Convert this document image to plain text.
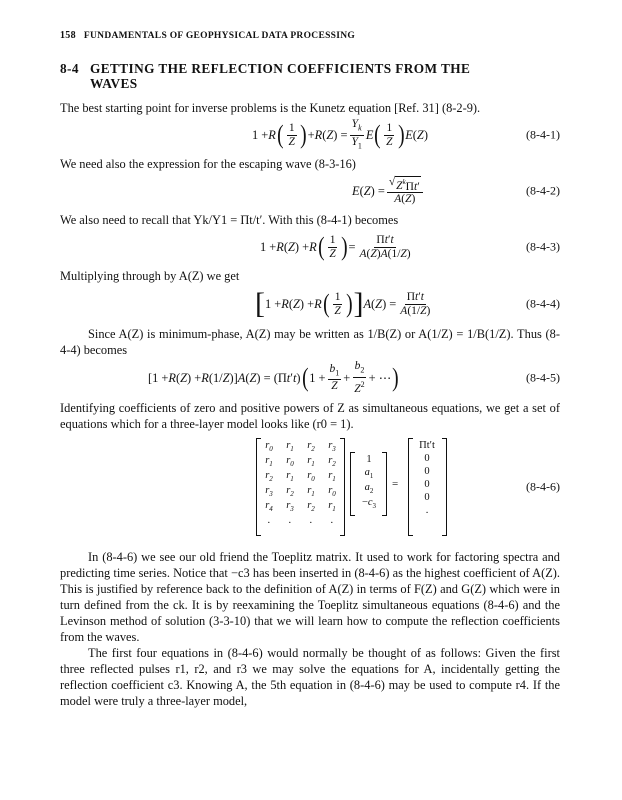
158 FUNDAMENTALS OF GEOPHYSICAL DATA PROCESSING
8-4 GETTING THE REFLECTION COEFFICIENTS FROM THE
WAVES

The best starting point for inverse problems is the Kunetz equation [Ref. 31] (8-2-9).

1 + R ( $\frac{1}{Z}$ ) + R ( Z ) = $\frac{Y_k}{Y_1}$ E ( $\frac{1}{Z}$ ) E ( Z )	(8-4-1)

We need also the expression for the escaping wave (8-3-16)

E ( Z ) = $\frac{√ Z^k\Pi t'}{A(Z)}$	(8-4-2)

We also need to recall that Yk/Y1 = Πt/t′. With this (8-4-1) becomes

1 + R ( Z ) + R ( $\frac{1}{Z}$ ) = $\frac{\Pi t't}{A(Z)A(1/Z)}$	(8-4-3)

Multiplying through by A(Z) we get

[ 1 + R ( Z ) + R ( $\frac{1}{Z}$ ) ] A ( Z ) = $\frac{\Pi t't}{A(1/Z)}$	(8-4-4)

Since A(Z) is minimum-phase, A(Z) may be written as 1/B(Z) or A(1/Z) = 1/B(1/Z). Thus (8-4-4) becomes

[1 + R ( Z ) + R (1/ Z )] A ( Z ) = (Π t ′ t ) ( $1 + \frac{b_1}{Z} + \frac{b_2}{Z^2}$ + ⋯ )	(8-4-5)

Identifying coefficients of zero and positive powers of Z as simultaneous equations, we get a set of equations which for a three-layer model looks like (r0 = 1).

$r_0$	$r_1$	$r_2$	$r_3$
$r_1$	$r_0$	$r_1$	$r_2$
$r_2$	$r_1$	$r_0$	$r_1$
$r_3$	$r_2$	$r_1$	$r_0$
$r_4$	$r_3$	$r_2$	$r_1$
.	.	.	.
1
$a_1$
$a_2$
$-c_3$
=
Πt′t
0
0
0
0
.
(8-4-6)

In (8-4-6) we see our old friend the Toeplitz matrix. It used to work for factoring spectra and predicting time series. Notice that −c3 has been inserted in (8-4-6) as the highest coefficient of A(Z). This is justified by reference back to the definition of A(Z) in terms of F(Z) and G(Z) which were in turn defined from the ck. It is by reexamining the Toeplitz simultaneous equations (8-4-6) and the Levinson method of solution (3-3-10) that we will learn how to compute the reflection coefficients from the waves.

The first four equations in (8-4-6) would normally be thought of as follows: Given the first three reflected pulses r1, r2, and r3 we may solve the equations for A, incidentally getting the reflection coefficient c3. Knowing A, the 5th equation in (8-4-6) may be used to compute r4. If the model were truly a three-layer model,
